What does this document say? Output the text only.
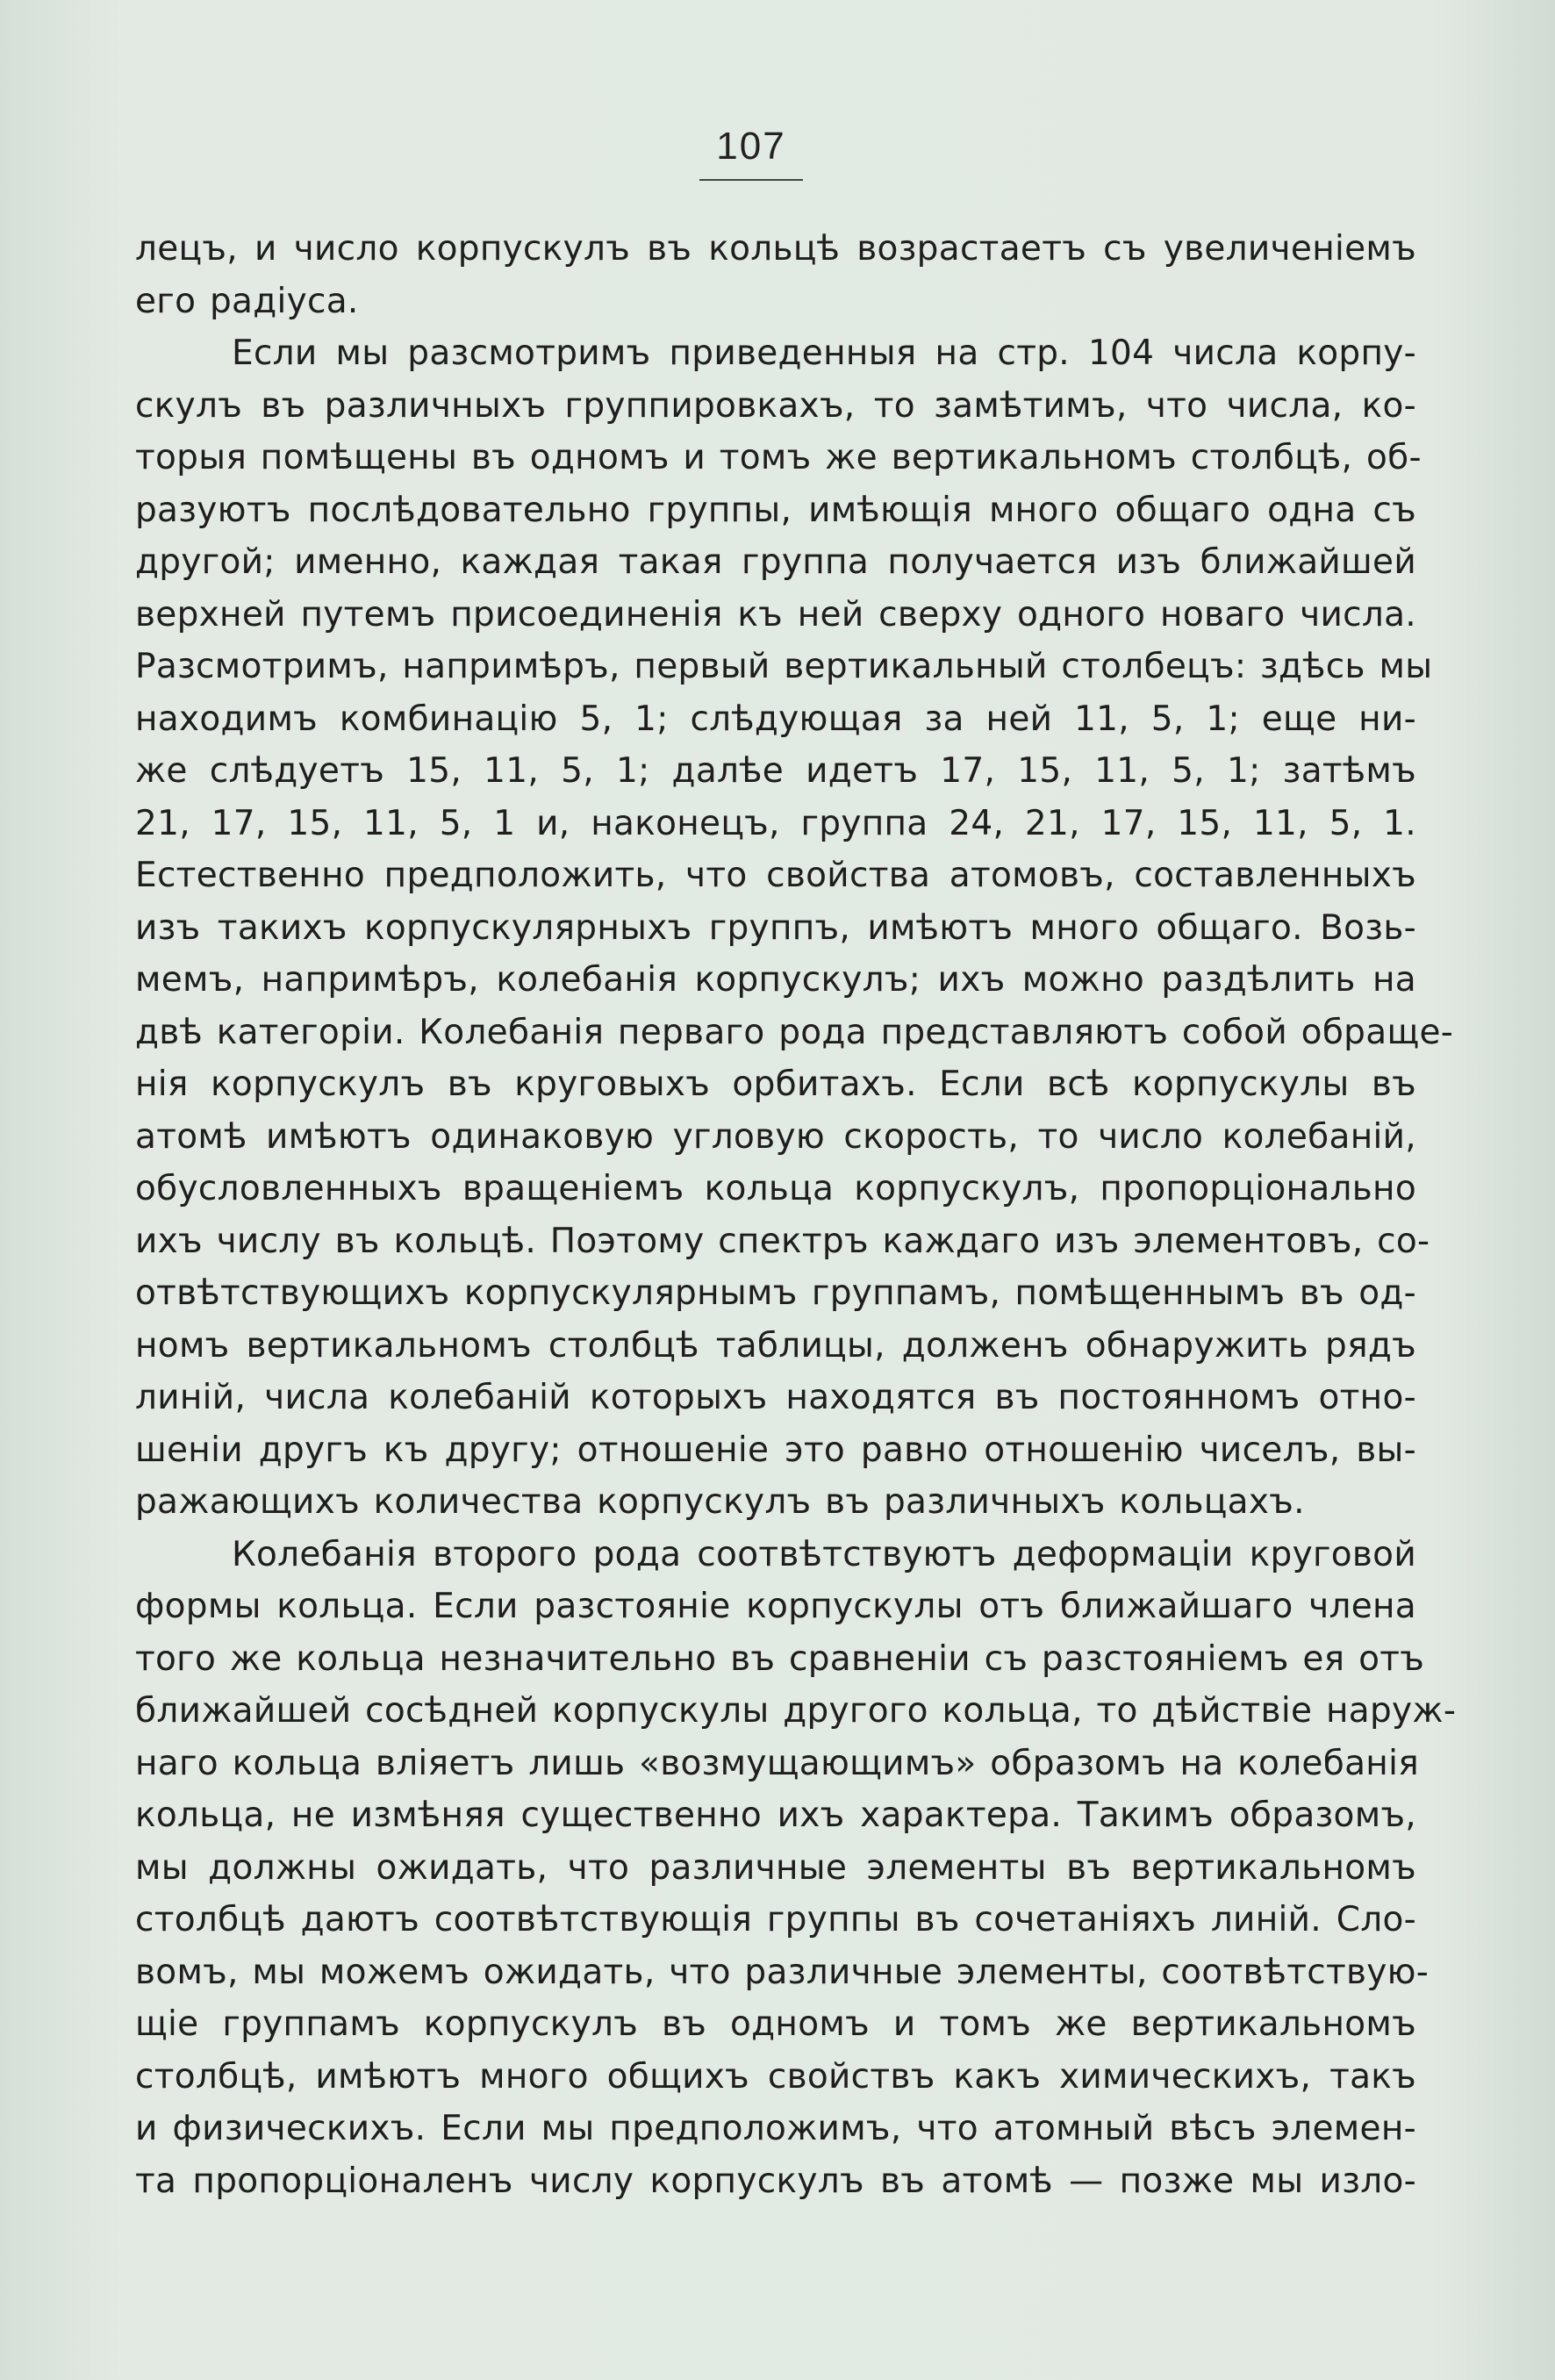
107
лецъ, и число корпускулъ въ кольцѣ возрастаетъ съ увеличенiемъ
его радiуса.
Если мы разсмотримъ приведенныя на стр. 104 числа корпу-
скулъ въ различныхъ группировкахъ, то замѣтимъ, что числа, ко-
торыя помѣщены въ одномъ и томъ же вертикальномъ столбцѣ, об-
разуютъ послѣдовательно группы, имѣющiя много общаго одна съ
другой; именно, каждая такая группа получается изъ ближайшей
верхней путемъ присоединенiя къ ней сверху одного новаго числа.
Разсмотримъ, напримѣръ, первый вертикальный столбецъ: здѣсь мы
находимъ комбинацiю 5, 1; слѣдующая за ней 11, 5, 1; еще ни-
же слѣдуетъ 15, 11, 5, 1; далѣе идетъ 17, 15, 11, 5, 1; затѣмъ
21, 17, 15, 11, 5, 1 и, наконецъ, группа 24, 21, 17, 15, 11, 5, 1.
Естественно предположить, что свойства атомовъ, составленныхъ
изъ такихъ корпускулярныхъ группъ, имѣютъ много общаго. Возь-
мемъ, напримѣръ, колебанiя корпускулъ; ихъ можно раздѣлить на
двѣ категорiи. Колебанiя перваго рода представляютъ собой обраще-
нiя корпускулъ въ круговыхъ орбитахъ. Если всѣ корпускулы въ
атомѣ имѣютъ одинаковую угловую скорость, то число колебанiй,
обусловленныхъ вращенiемъ кольца корпускулъ, пропорцiонально
ихъ числу въ кольцѣ. Поэтому спектръ каждаго изъ элементовъ, со-
отвѣтствующихъ корпускулярнымъ группамъ, помѣщеннымъ въ од-
номъ вертикальномъ столбцѣ таблицы, долженъ обнаружить рядъ
линiй, числа колебанiй которыхъ находятся въ постоянномъ отно-
шенiи другъ къ другу; отношенiе это равно отношенiю чиселъ, вы-
ражающихъ количества корпускулъ въ различныхъ кольцахъ.
Колебанiя второго рода соотвѣтствуютъ деформацiи круговой
формы кольца. Если разстоянiе корпускулы отъ ближайшаго члена
того же кольца незначительно въ сравненiи съ разстоянiемъ ея отъ
ближайшей сосѣдней корпускулы другого кольца, то дѣйствiе наруж-
наго кольца влiяетъ лишь «возмущающимъ» образомъ на колебанiя
кольца, не измѣняя существенно ихъ характера. Такимъ образомъ,
мы должны ожидать, что различные элементы въ вертикальномъ
столбцѣ даютъ соотвѣтствующiя группы въ сочетанiяхъ линiй. Сло-
вомъ, мы можемъ ожидать, что различные элементы, соотвѣтствую-
щiе группамъ корпускулъ въ одномъ и томъ же вертикальномъ
столбцѣ, имѣютъ много общихъ свойствъ какъ химическихъ, такъ
и физическихъ. Если мы предположимъ, что атомный вѣсъ элемен-
та пропорцiоналенъ числу корпускулъ въ атомѣ — позже мы изло-
